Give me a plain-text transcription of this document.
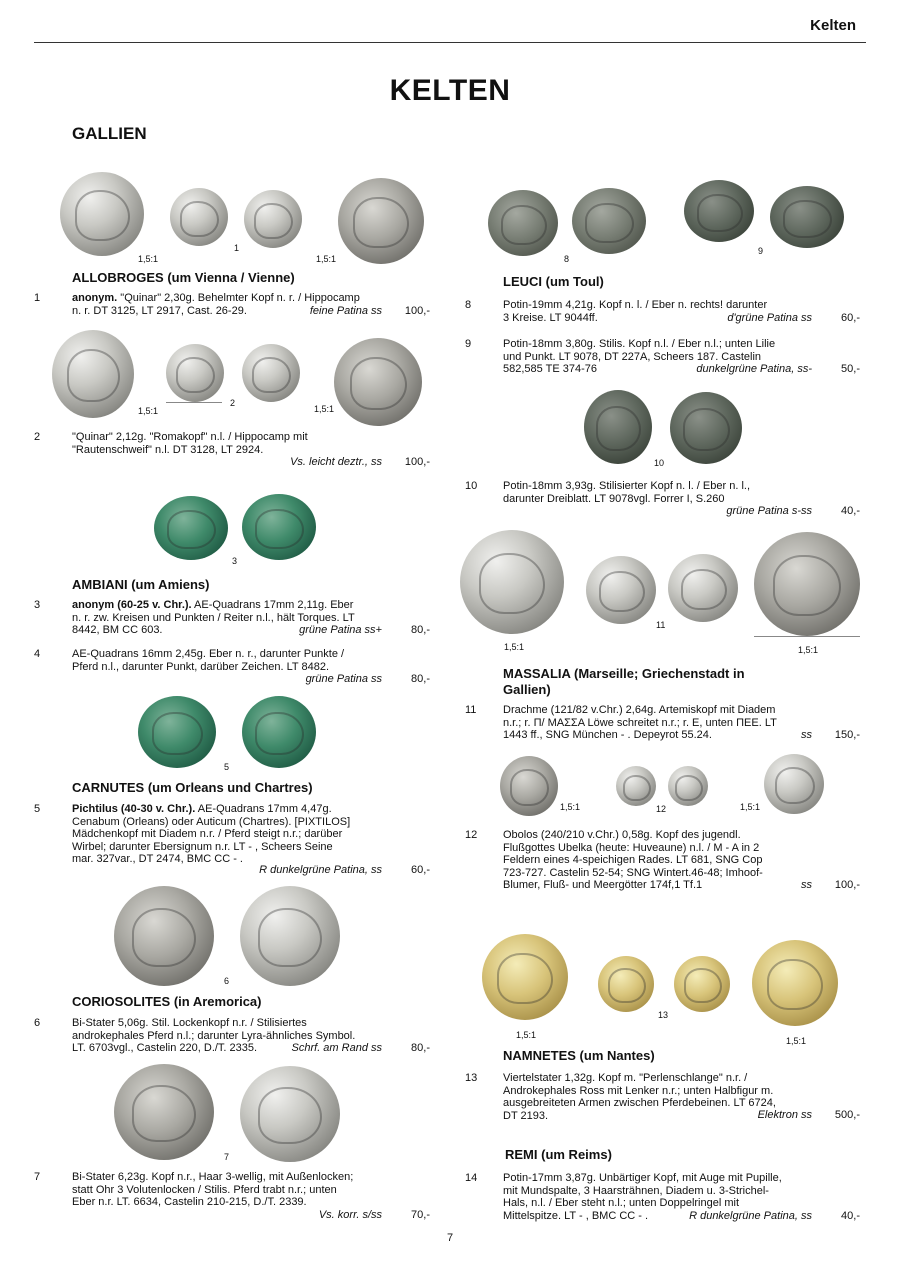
Kelten
KELTEN
GALLIEN
1,5:1
1
1,5:1
ALLOBROGES (um Vienna / Vienne)
1	anonym. "Quinar" 2,30g. Behelmter Kopf n. r. / Hippocamp
n. r. DT 3125, LT 2917, Cast. 26-29.	feine Patina ss	100,-
1,5:1
2
1,5:1
2	"Quinar" 2,12g. "Romakopf" n.l. / Hippocamp mit
"Rautenschweif" n.l. DT 3128, LT 2924.
Vs. leicht deztr., ss	100,-
3
AMBIANI (um Amiens)
3	anonym (60-25 v. Chr.). AE-Quadrans 17mm 2,11g. Eber
n. r. zw. Kreisen und Punkten / Reiter n.l., hält Torques. LT
8442, BM CC 603.	grüne Patina ss+	80,-
4	AE-Quadrans 16mm 2,45g. Eber n. r., darunter Punkte /
Pferd n.l., darunter Punkt, darüber Zeichen. LT 8482.
grüne Patina ss	80,-
5
CARNUTES (um Orleans und Chartres)
5	Pichtilus (40-30 v. Chr.). AE-Quadrans 17mm 4,47g.
Cenabum (Orleans) oder Auticum (Chartres). [PIXTILOS]
Mädchenkopf mit Diadem n.r. / Pferd steigt n.r.; darüber
Wirbel; darunter Ebersignum n.r. LT - , Scheers Seine
mar. 327var., DT 2474, BMC CC - .
R dunkelgrüne Patina, ss	60,-
6
CORIOSOLITES (in Aremorica)
6	Bi-Stater 5,06g. Stil. Lockenkopf n.r. / Stilisiertes
androkephales Pferd n.l.; darunter Lyra-ähnliches Symbol.
LT. 6703vgl., Castelin 220, D./T. 2335.	Schrf. am Rand ss	80,-
7
7	Bi-Stater 6,23g. Kopf n.r., Haar 3-wellig, mit Außenlocken;
statt Ohr 3 Volutenlocken / Stilis. Pferd trabt n.r.; unten
Eber n.r. LT. 6634, Castelin 210-215, D./T. 2339.
Vs. korr. s/ss	70,-
8
9
LEUCI (um Toul)
8	Potin-19mm 4,21g. Kopf n. l. / Eber n. rechts! darunter
3 Kreise. LT 9044ff.	d'grüne Patina ss	60,-
9	Potin-18mm 3,80g. Stilis. Kopf n.l. / Eber n.l.; unten Lilie
und Punkt. LT 9078, DT 227A, Scheers 187. Castelin
582,585 TE 374-76	dunkelgrüne Patina, ss-	50,-
10
10 Potin-18mm 3,93g. Stilisierter Kopf n. l. / Eber n. l.,
darunter Dreiblatt. LT 9078vgl. Forrer I, S.260
grüne Patina s-ss	40,-
11
1,5:1	1,5:1
MASSALIA (Marseille; Griechenstadt in Gallien)
11 Drachme (121/82 v.Chr.) 2,64g. Artemiskopf mit Diadem
n.r.; r. Π/ ΜΑΣΣΑ Löwe schreitet n.r.; r. E, unten ΠΕΕ. LT
1443 ff., SNG München - . Depeyrot 55.24.	ss	150,-
1,5:1	12	1,5:1
12 Obolos (240/210 v.Chr.) 0,58g. Kopf des jugendl.
Flußgottes Ubelka (heute: Huveaune) n.l. / M - A in 2
Feldern eines 4-speichigen Rades. LT 681, SNG Cop
723-727. Castelin 52-54; SNG Wintert.46-48; Imhoof-
Blumer, Fluß- und Meergötter 174f,1 Tf.1	ss	100,-
13
1,5:1
1,5:1
NAMNETES (um Nantes)
13 Viertelstater 1,32g. Kopf m. "Perlenschlange" n.r. /
Androkephales Ross mit Lenker n.r.; unten Halbfigur m.
ausgebreiteten Armen zwischen Pferdebeinen. LT 6724,
DT 2193.	Elektron ss	500,-
REMI (um Reims)
14 Potin-17mm 3,87g. Unbärtiger Kopf, mit Auge mit Pupille,
mit Mundspalte, 3 Haarsträhnen, Diadem u. 3-Strichel-
Hals, n.l. / Eber steht n.l.; unten Doppelringel mit
Mittelspitze. LT - , BMC CC - .	R dunkelgrüne Patina, ss	40,-
7
